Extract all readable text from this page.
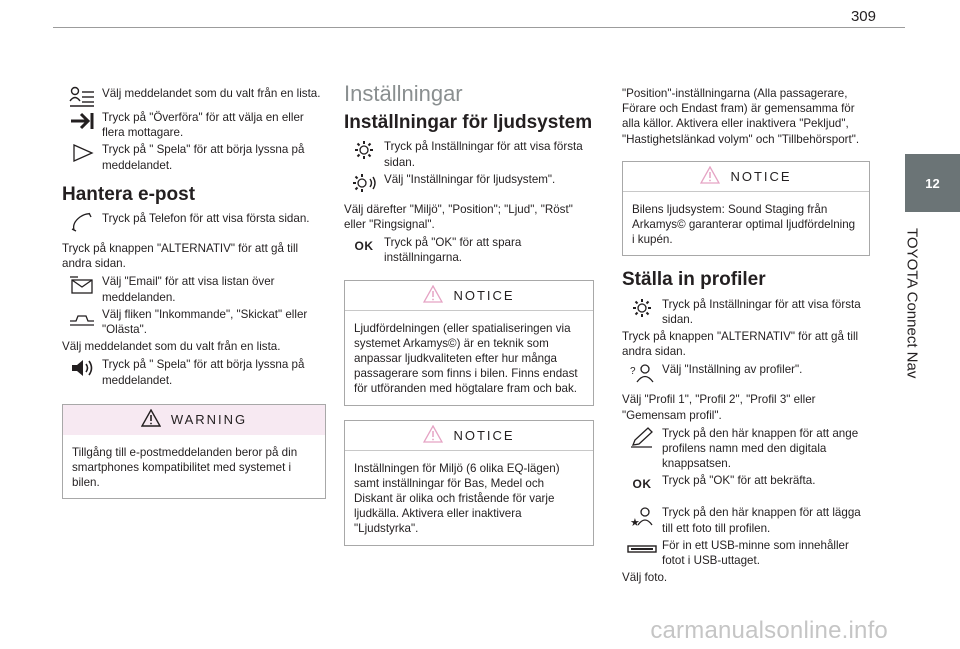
309
12
TOYOTA Connect Nav
Välj meddelandet som du valt från en lista.
Tryck på "Överföra" för att välja en eller flera mottagare.
Tryck på " Spela" för att börja lyssna på meddelandet.
Hantera e-post
Tryck på Telefon för att visa första sidan.

Tryck på knappen "ALTERNATIV" för att gå till andra sidan.

Välj "Email" för att visa listan över meddelanden.
Välj fliken "Inkommande", "Skickat" eller "Olästa".

Välj meddelandet som du valt från en lista.

Tryck på " Spela" för att börja lyssna på meddelandet.
WARNING
Tillgång till e-postmeddelanden beror på din smartphones kompatibilitet med systemet i bilen.
Inställningar
Inställningar för ljudsystem
Tryck på Inställningar för att visa första sidan.
Välj "Inställningar för ljudsystem".

Välj därefter "Miljö", "Position"; "Ljud", "Röst" eller "Ringsignal".

OK Tryck på "OK" för att spara inställningarna.
NOTICE
Ljudfördelningen (eller spatialiseringen via systemet Arkamys©) är en teknik som anpassar ljudkvaliteten efter hur många passagerare som finns i bilen. Finns endast för utföranden med högtalare fram och bak.
NOTICE
Inställningen för Miljö (6 olika EQ-lägen) samt inställningar för Bas, Medel och Diskant är olika och fristående för varje ljudkälla. Aktivera eller inaktivera "Ljudstyrka".

"Position"-inställningarna (Alla passagerare, Förare och Endast fram) är gemensamma för alla källor. Aktivera eller inaktivera "Pekljud", "Hastighetslänkad volym" och "Tillbehörsport".

NOTICE
Bilens ljudsystem: Sound Staging från Arkamys© garanterar optimal ljudfördelning i kupén.
Ställa in profiler
Tryck på Inställningar för att visa första sidan.

Tryck på knappen "ALTERNATIV" för att gå till andra sidan.

? Välj "Inställning av profiler".

Välj "Profil 1", "Profil 2", "Profil 3" eller "Gemensam profil".

Tryck på den här knappen för att ange profilens namn med den digitala knappsatsen.
OK Tryck på "OK" för att bekräfta.
★
Tryck på den här knappen för att lägga till ett foto till profilen.
För in ett USB-minne som innehåller fotot i USB-uttaget.

Välj foto.

carmanualsonline.info
